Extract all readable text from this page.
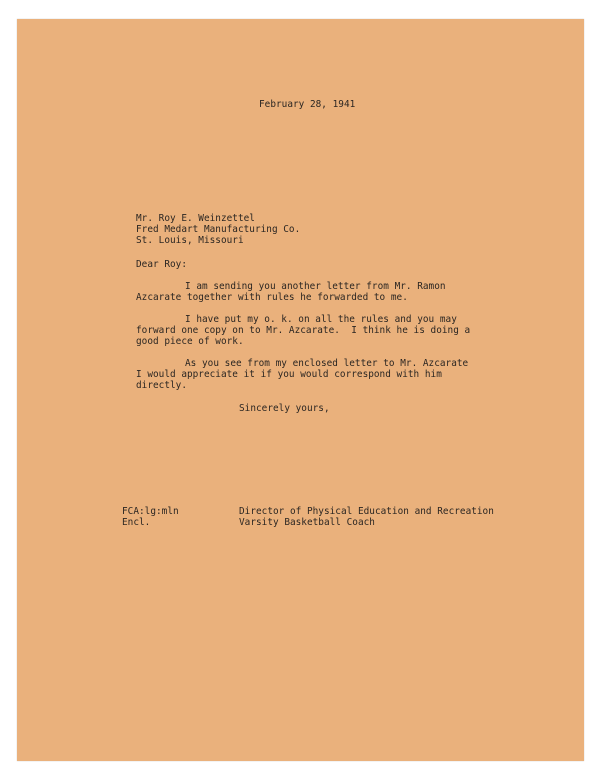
February 28, 1941
Mr. Roy E. Weinzettel
Fred Medart Manufacturing Co.
St. Louis, Missouri
Dear Roy:
I am sending you another letter from Mr. Ramon
Azcarate together with rules he forwarded to me.
I have put my o. k. on all the rules and you may
forward one copy on to Mr. Azcarate.  I think he is doing a
good piece of work.
As you see from my enclosed letter to Mr. Azcarate
I would appreciate it if you would correspond with him
directly.
Sincerely yours,
FCA:lg:mln
Encl.
Director of Physical Education and Recreation
Varsity Basketball Coach
